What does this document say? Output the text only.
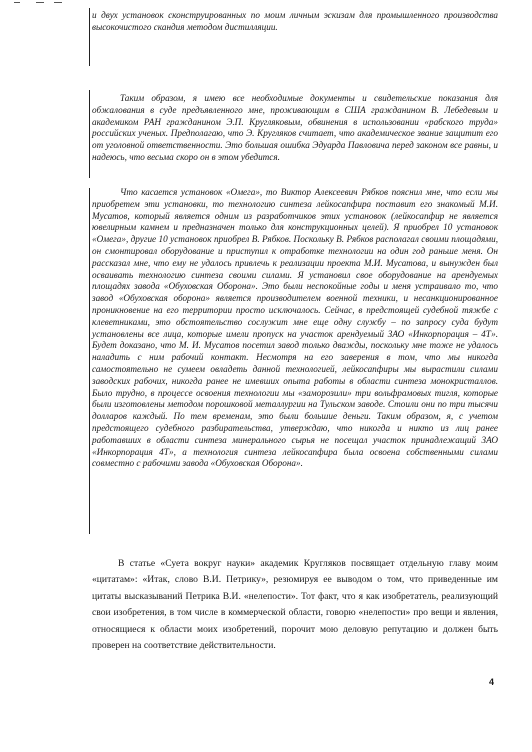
и двух установок сконструированных по моим личным эскизам для промышленного производства высокочистого скандия методом дистилляции.

Таким образом, я имею все необходимые документы и свидетельские показания для обжалования в суде предъявленного мне, проживающим в США гражданином В. Лебедевым и академиком РАН гражданином Э.П. Кругляковым, обвинения в использовании «рабского труда» российских ученых. Предполагаю, что Э. Кругляков считает, что академическое звание защитит его от уголовной ответственности. Это большая ошибка Эдуарда Павловича перед законом все равны, и надеюсь, что весьма скоро он в этом убедится.

Что касается установок «Омега», то Виктор Алексеевич Рябков пояснил мне, что если мы приобретем эти установки, то технологию синтеза лейкосапфира поставит его знакомый М.И. Мусатов, который является одним из разработчиков этих установок (лейкосапфир не является ювелирным камнем и предназначен только для конструкционных целей). Я приобрел 10 установок «Омега», другие 10 установок приобрел В. Рябков. Поскольку В. Рябков располагал своими площадями, он смонтировал оборудование и приступил к отработке технологии на один год раньше меня. Он рассказал мне, что ему не удалось привлечь к реализации проекта М.И. Мусатова, и вынужден был осваивать технологию синтеза своими силами. Я установил свое оборудование на арендуемых площадях завода «Обуховская Оборона». Это были неспокойные годы и меня устраивало то, что завод «Обуховская оборона» является производителем военной техники, и несанкционированное проникновение на его территории просто исключалось. Сейчас, в предстоящей судебной тяжбе с клеветниками, это обстоятельство сослужит мне еще одну службу – по запросу суда будут установлены все лица, которые имели пропуск на участок арендуемый ЗАО «Инкорпорация – 4Т». Будет доказано, что М. И. Мусатов посетил завод только дважды, поскольку мне тоже не удалось наладить с ним рабочий контакт. Несмотря на его заверения в том, что мы никогда самостоятельно не сумеем овладеть данной технологией, лейкосапфиры мы вырастили силами заводских рабочих, никогда ранее не имевших опыта работы в области синтеза монокристаллов. Было трудно, в процессе освоения технологии мы «заморозили» три вольфрамовых тигля, которые были изготовлены методом порошковой металлургии на Тульском заводе. Стоили они по три тысячи долларов каждый. По тем временам, это были большие деньги. Таким образом, я, с учетом предстоящего судебного разбирательства, утверждаю, что никогда и никто из лиц ранее работавших в области синтеза минерального сырья не посещал участок принадлежащий ЗАО «Инкорпорация 4Т», а технология синтеза лейкосапфира была освоена собственными силами совместно с рабочими завода «Обуховская Оборона».

В статье «Суета вокруг науки» академик Кругляков посвящает отдельную главу моим «цитатам»: «Итак, слово В.И. Петрику», резюмируя ее выводом о том, что приведенные им цитаты высказываний Петрика В.И. «нелепости». Тот факт, что я как изобретатель, реализующий свои изобретения, в том числе в коммерческой области, говорю «нелепости» про вещи и явления, относящиеся к области моих изобретений, порочит мою деловую репутацию и должен быть проверен на соответствие действительности.

4
